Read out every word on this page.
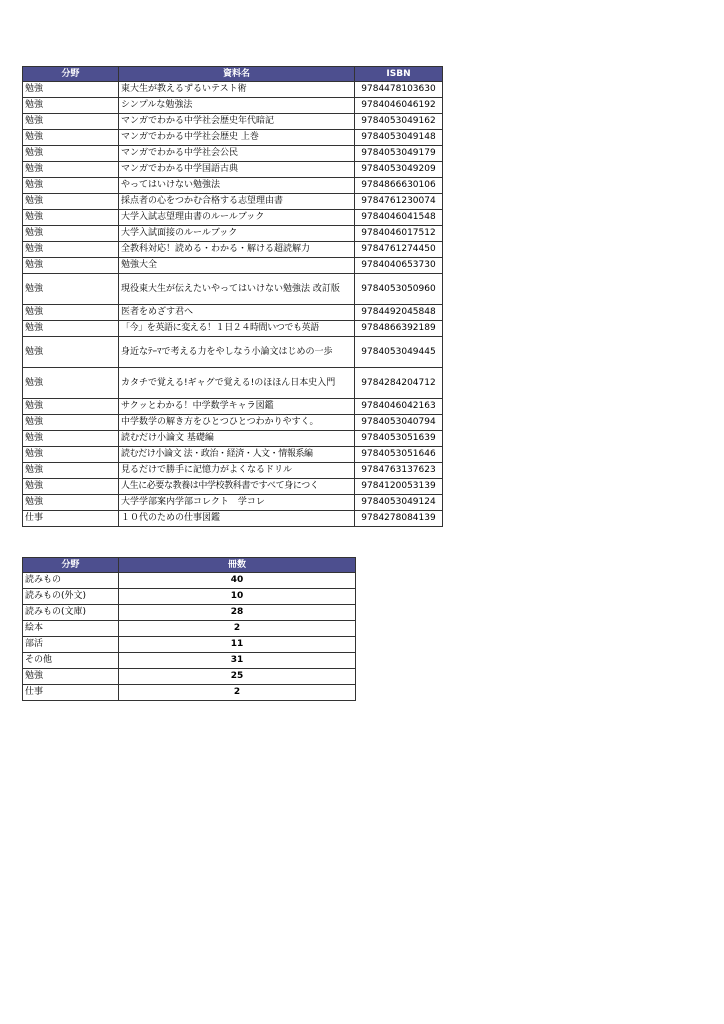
分野	資料名	ISBN
勉強	東大生が教えるずるいテスト術	9784478103630
勉強	シンプルな勉強法	9784046046192
勉強	マンガでわかる中学社会歴史年代暗記	9784053049162
勉強	マンガでわかる中学社会歴史 上巻	9784053049148
勉強	マンガでわかる中学社会公民	9784053049179
勉強	マンガでわかる中学国語古典	9784053049209
勉強	やってはいけない勉強法	9784866630106
勉強	採点者の心をつかむ合格する志望理由書	9784761230074
勉強	大学入試志望理由書のルールブック	9784046041548
勉強	大学入試面接のルールブック	9784046017512
勉強	全教科対応！読める・わかる・解ける超読解力	9784761274450
勉強	勉強大全	9784040653730
勉強	現役東大生が伝えたいやってはいけない勉強法 改訂版	9784053050960
勉強	医者をめざす君へ	9784492045848
勉強	「今」を英語に変える！１日２４時間いつでも英語	9784866392189
勉強	身近なﾃｰﾏで考える力をやしなう小論文はじめの一歩	9784053049445
勉強	カタチで覚える!ギャグで覚える!のほほん日本史入門	9784284204712
勉強	サクッとわかる！中学数学キャラ図鑑	9784046042163
勉強	中学数学の解き方をひとつひとつわかりやすく。	9784053040794
勉強	読むだけ小論文 基礎編	9784053051639
勉強	読むだけ小論文 法・政治・経済・人文・情報系編	9784053051646
勉強	見るだけで勝手に記憶力がよくなるドリル	9784763137623
勉強	人生に必要な教養は中学校教科書ですべて身につく	9784120053139
勉強	大学学部案内学部コレクト　学コレ	9784053049124
仕事	１０代のための仕事図鑑	9784278084139
分野	冊数
読みもの	40
読みもの(外文)	10
読みもの(文庫)	28
絵本	2
部活	11
その他	31
勉強	25
仕事	2
